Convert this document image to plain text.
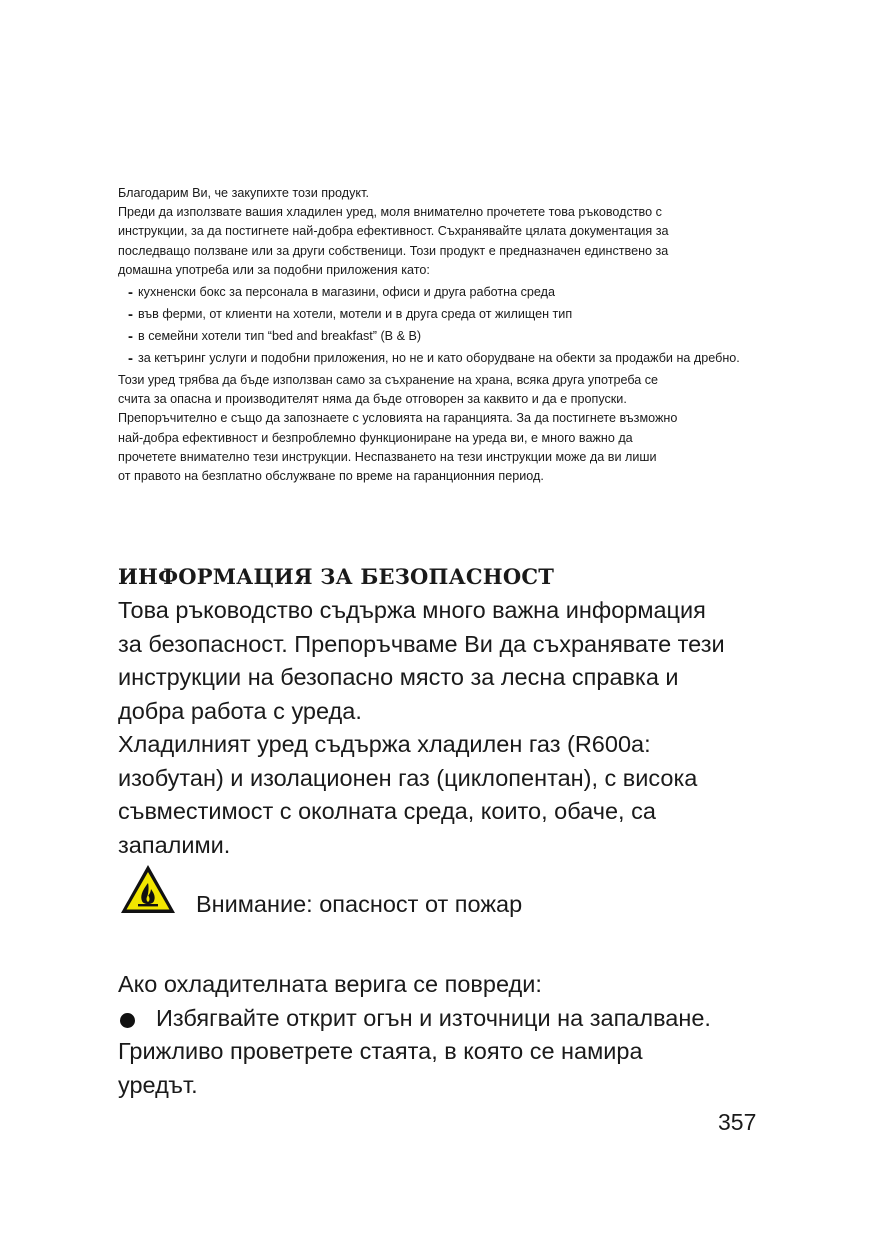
Благодарим Ви, че закупихте този продукт.

Преди да използвате вашия хладилен уред, моля внимателно прочетете това ръководство с

инструкции, за да постигнете най-добра ефективност. Съхранявайте цялата документация за

последващо ползване или за други собственици. Този продукт е предназначен единствено за

домашна употреба или за подобни приложения като:

- кухненски бокс за персонала в магазини, офиси и друга работна среда
- във ферми, от клиенти на хотели, мотели и в друга среда от жилищен тип
- в семейни хотели тип “bed and breakfast” (B & B)
- за кетъринг услуги и подобни приложения, но не и като оборудване на обекти за продажби на дребно.

Този уред трябва да бъде използван само за съхранение на храна, всяка друга употреба се

счита за опасна и производителят няма да бъде отговорен за каквито и да е пропуски.

Препоръчително е също да запознаете с условията на гаранцията. За да постигнете възможно

най-добра ефективност и безпроблемно функциониране на уреда ви, е много важно да

прочетете внимателно тези инструкции. Неспазването на тези инструкции може да ви лиши

от правото на безплатно обслужване по време на гаранционния период.

ИНФОРМАЦИЯ ЗА БЕЗОПАСНОСТ

Това ръководство съдържа много важна информация

за безопасност. Препоръчваме Ви да съхранявате тези

инструкции на безопасно място за лесна справка и

добра работа с уреда.

Хладилният уред съдържа хладилен газ (R600a:

изобутан) и изолационен газ (циклопентан), с висока

съвместимост с околната среда, които, обаче, са

запалими.

Внимание: опасност от пожар

Ако охладителната верига се повреди:

Избягвайте открит огън и източници на запалване.

Грижливо проветрете стаята, в която се намира

уредът.

357
